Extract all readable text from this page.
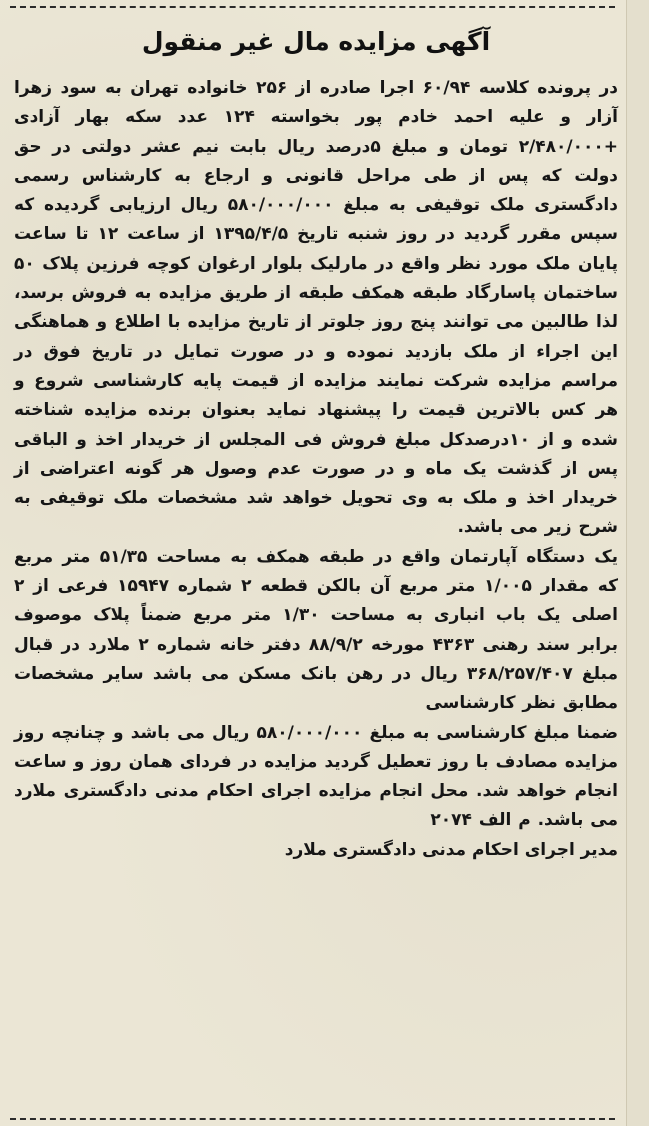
آگهی مزایده مال غیر منقول

در پرونده کلاسه ۶۰/۹۴ اجرا صادره از ۲۵۶ خانواده تهران به سود زهرا آزار و علیه احمد خادم پور بخواسته ۱۲۴ عدد سکه بهار آزادی +۲/۴۸۰/۰۰۰ تومان و مبلغ ۵درصد ریال بابت نیم عشر دولتی در حق دولت که پس از طی مراحل قانونی و ارجاع به کارشناس رسمی دادگستری ملک توقیفی به مبلغ ۵۸۰/۰۰۰/۰۰۰ ریال ارزیابی گردیده که سپس مقرر گردید در روز شنبه تاریخ ۱۳۹۵/۴/۵ از ساعت ۱۲ تا ساعت پایان ملک مورد نظر واقع در مارلیک بلوار ارغوان کوچه فرزین پلاک ۵۰ ساختمان پاسارگاد طبقه همکف طبقه از طریق مزایده به فروش برسد، لذا طالبین می توانند پنج روز جلوتر از تاریخ مزایده با اطلاع و هماهنگی این اجراء از ملک بازدید نموده و در صورت تمایل در تاریخ فوق در مراسم مزایده شرکت نمایند مزایده از قیمت پایه کارشناسی شروع و هر کس بالاترین قیمت را پیشنهاد نماید بعنوان برنده مزایده شناخته شده و از ۱۰درصدکل مبلغ فروش فی المجلس از خریدار اخذ و الباقی پس از گذشت یک ماه و در صورت عدم وصول هر گونه اعتراضی از خریدار اخذ و ملک به وی تحویل خواهد شد مشخصات ملک توقیفی به شرح زیر می باشد.

یک دستگاه آپارتمان واقع در طبقه همکف به مساحت ۵۱/۳۵ متر مربع که مقدار ۱/۰۰۵ متر مربع آن بالکن قطعه ۲ شماره ۱۵۹۴۷ فرعی از ۲ اصلی یک باب انباری به مساحت ۱/۳۰ متر مربع ضمناً پلاک موصوف برابر سند رهنی ۴۳۶۳ مورخه ۸۸/۹/۲ دفتر خانه شماره ۲ ملارد در قبال مبلغ ۳۶۸/۲۵۷/۴۰۷ ریال در رهن بانک مسکن می باشد سایر مشخصات مطابق نظر کارشناسی

ضمنا مبلغ کارشناسی به مبلغ ۵۸۰/۰۰۰/۰۰۰ ریال می باشد و چنانچه روز مزایده مصادف با روز تعطیل گردید مزایده در فردای همان روز و ساعت انجام خواهد شد. محل انجام مزایده اجرای احکام مدنی دادگستری ملارد می باشد. م الف ۲۰۷۴

مدیر اجرای احکام مدنی دادگستری ملارد
